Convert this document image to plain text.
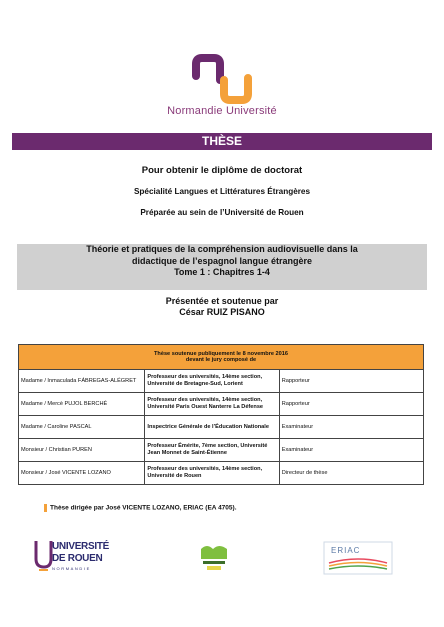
Normandie Université
THÈSE
Pour obtenir le diplôme de doctorat
Spécialité Langues et Littératures Étrangères
Préparée au sein de l’Université de Rouen
Théorie et pratiques de la compréhension audiovisuelle dans la
didactique de l’espagnol langue étrangère
Tome 1 : Chapitres 1-4
Présentée et soutenue par
César RUIZ PISANO
Thèse soutenue publiquement le 8 novembre 2016
devant le jury composé de		

Madame / Inmaculada FÁBREGAS-ALÉGRET	Professeur des universités, 14ème section, Université de Bretagne-Sud, Lorient	Rapporteur
Madame / Mercè PUJOL BERCHÉ	Professeur des universités, 14ème section, Université Paris Ouest Nanterre La Défense	Rapporteur
Madame / Caroline PASCAL	Inspectrice Générale de l’Éducation Nationale	Examinateur
Monsieur / Christian PUREN	Professeur Émérite, 7ème section, Université Jean Monnet de Saint-Étienne	Examinateur
Monsieur / José VICENTE LOZANO	Professeur des universités, 14ème section, Université de Rouen	Directeur de thèse
Thèse dirigée par José VICENTE LOZANO, ERIAC (EA 4705).
UNIVERSITÉ
DE ROUEN
NORMANDIE
ERIAC
